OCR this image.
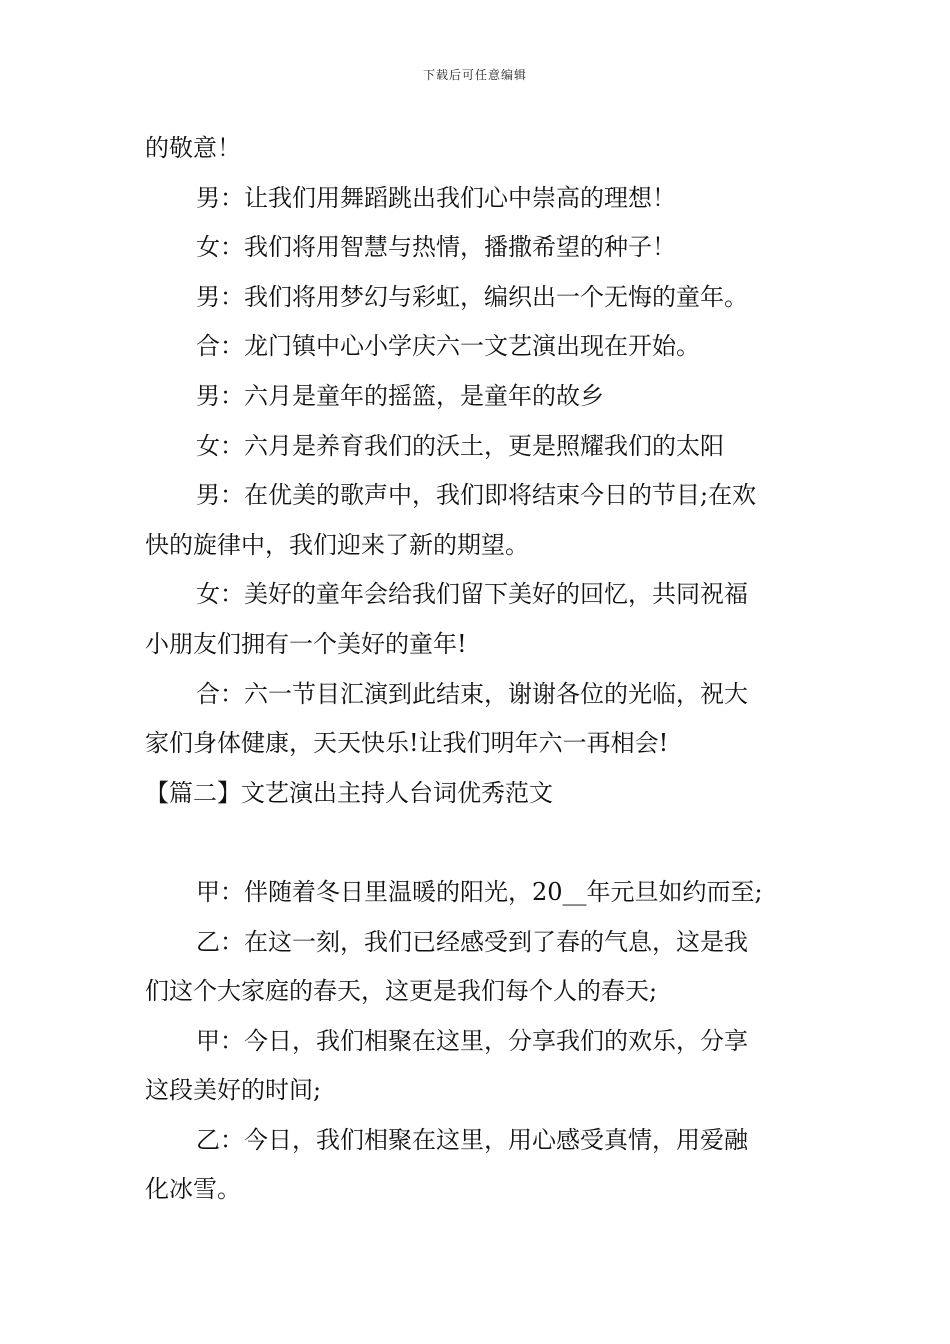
下载后可任意编辑
的敬意！
男：让我们用舞蹈跳出我们心中崇高的理想！
女：我们将用智慧与热情，播撒希望的种子！
男：我们将用梦幻与彩虹，编织出一个无悔的童年。
合：龙门镇中心小学庆六一文艺演出现在开始。
男：六月是童年的摇篮，是童年的故乡
女：六月是养育我们的沃土，更是照耀我们的太阳
男：在优美的歌声中，我们即将结束今日的节目;在欢
快的旋律中，我们迎来了新的期望。
女：美好的童年会给我们留下美好的回忆，共同祝福
小朋友们拥有一个美好的童年!
合：六一节目汇演到此结束，谢谢各位的光临，祝大
家们身体健康，天天快乐!让我们明年六一再相会!
【篇二】文艺演出主持人台词优秀范文
甲：伴随着冬日里温暖的阳光，20__年元旦如约而至;
乙：在这一刻，我们已经感受到了春的气息，这是我
们这个大家庭的春天，这更是我们每个人的春天;
甲：今日，我们相聚在这里，分享我们的欢乐，分享
这段美好的时间;
乙：今日，我们相聚在这里，用心感受真情，用爱融
化冰雪。
